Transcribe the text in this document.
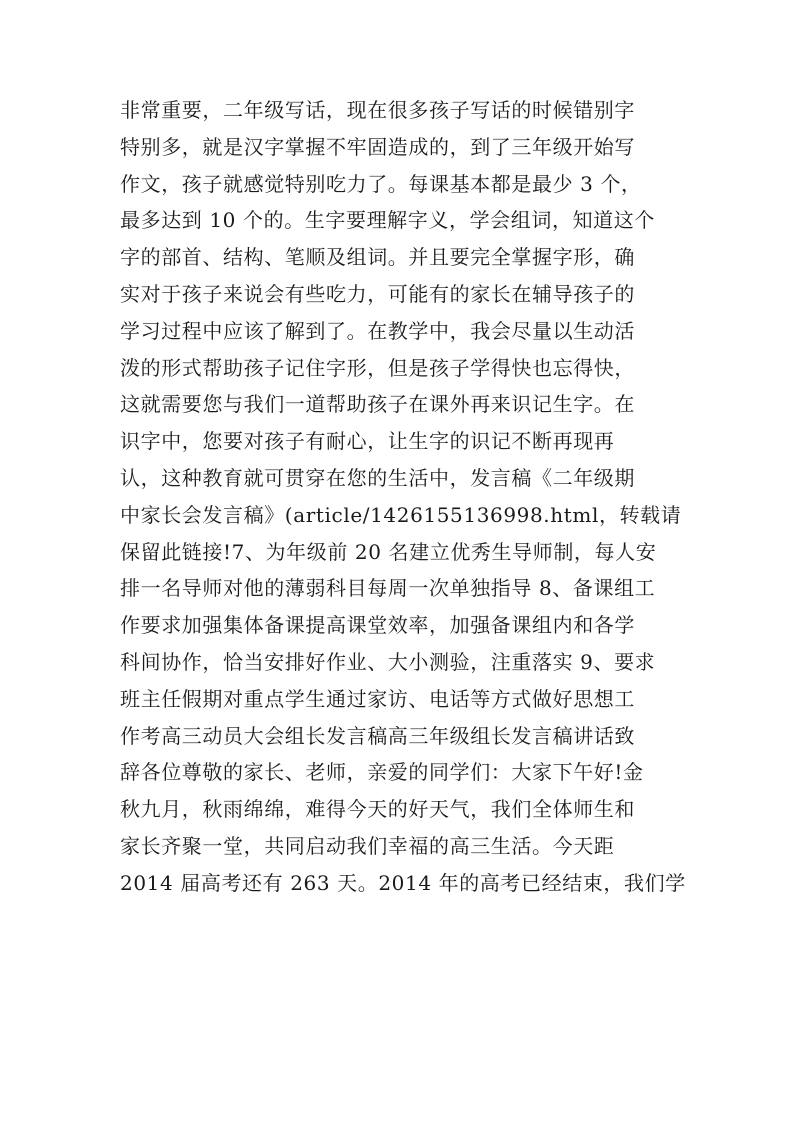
非常重要，二年级写话，现在很多孩子写话的时候错别字
特别多，就是汉字掌握不牢固造成的，到了三年级开始写
作文，孩子就感觉特别吃力了。每课基本都是最少 3 个，
最多达到 10 个的。生字要理解字义，学会组词，知道这个
字的部首、结构、笔顺及组词。并且要完全掌握字形，确
实对于孩子来说会有些吃力，可能有的家长在辅导孩子的
学习过程中应该了解到了。在教学中，我会尽量以生动活
泼的形式帮助孩子记住字形，但是孩子学得快也忘得快，
这就需要您与我们一道帮助孩子在课外再来识记生字。在
识字中，您要对孩子有耐心，让生字的识记不断再现再
认，这种教育就可贯穿在您的生活中，发言稿《二年级期
中家长会发言稿》(article/1426155136998.html，转载请
保留此链接!7、为年级前 20 名建立优秀生导师制，每人安
排一名导师对他的薄弱科目每周一次单独指导 8、备课组工
作要求加强集体备课提高课堂效率，加强备课组内和各学
科间协作，恰当安排好作业、大小测验，注重落实 9、要求
班主任假期对重点学生通过家访、电话等方式做好思想工
作考高三动员大会组长发言稿高三年级组长发言稿讲话致
辞各位尊敬的家长、老师，亲爱的同学们：大家下午好!金
秋九月，秋雨绵绵，难得今天的好天气，我们全体师生和
家长齐聚一堂，共同启动我们幸福的高三生活。今天距
2014 届高考还有 263 天。2014 年的高考已经结束，我们学
